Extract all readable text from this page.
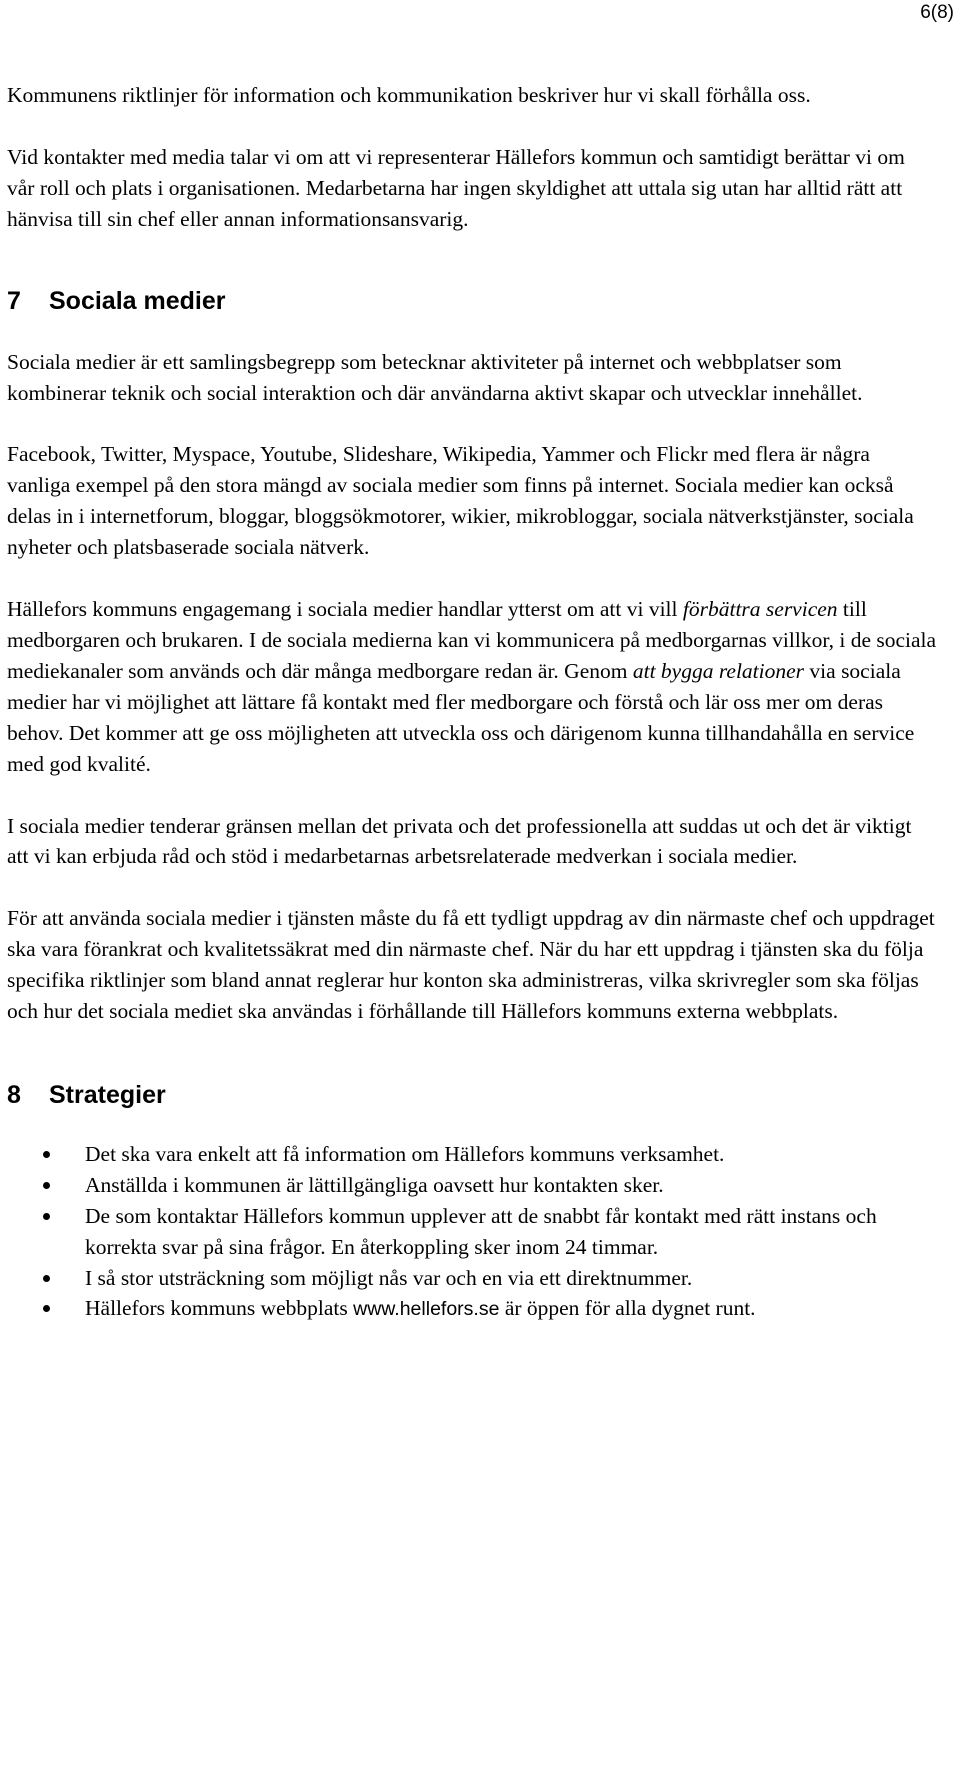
6(8)

Kommunens riktlinjer för information och kommunikation beskriver hur vi skall förhålla oss.

Vid kontakter med media talar vi om att vi representerar Hällefors kommun och samtidigt berättar vi om vår roll och plats i organisationen. Medarbetarna har ingen skyldighet att uttala sig utan har alltid rätt att hänvisa till sin chef eller annan informationsansvarig.

7	Sociala medier

Sociala medier är ett samlingsbegrepp som betecknar aktiviteter på internet och webbplatser som kombinerar teknik och social interaktion och där användarna aktivt skapar och utvecklar innehållet.

Facebook, Twitter, Myspace, Youtube, Slideshare, Wikipedia, Yammer och Flickr med flera är några vanliga exempel på den stora mängd av sociala medier som finns på internet. Sociala medier kan också delas in i internetforum, bloggar, bloggsökmotorer, wikier, mikrobloggar, sociala nätverkstjänster, sociala nyheter och platsbaserade sociala nätverk.

Hällefors kommuns engagemang i sociala medier handlar ytterst om att vi vill förbättra servicen till medborgaren och brukaren. I de sociala medierna kan vi kommunicera på medborgarnas villkor, i de sociala mediekanaler som används och där många medborgare redan är. Genom att bygga relationer via sociala medier har vi möjlighet att lättare få kontakt med fler medborgare och förstå och lär oss mer om deras behov. Det kommer att ge oss möjligheten att utveckla oss och därigenom kunna tillhandahålla en service med god kvalité.

I sociala medier tenderar gränsen mellan det privata och det professionella att suddas ut och det är viktigt att vi kan erbjuda råd och stöd i medarbetarnas arbetsrelaterade medverkan i sociala medier.

För att använda sociala medier i tjänsten måste du få ett tydligt uppdrag av din närmaste chef och uppdraget ska vara förankrat och kvalitetssäkrat med din närmaste chef. När du har ett uppdrag i tjänsten ska du följa specifika riktlinjer som bland annat reglerar hur konton ska administreras, vilka skrivregler som ska följas och hur det sociala mediet ska användas i förhållande till Hällefors kommuns externa webbplats.

8	Strategier
Det ska vara enkelt att få information om Hällefors kommuns verksamhet.
Anställda i kommunen är lättillgängliga oavsett hur kontakten sker.
De som kontaktar Hällefors kommun upplever att de snabbt får kontakt med rätt instans och korrekta svar på sina frågor. En återkoppling sker inom 24 timmar.
I så stor utsträckning som möjligt nås var och en via ett direktnummer.
Hällefors kommuns webbplats www.hellefors.se är öppen för alla dygnet runt.
